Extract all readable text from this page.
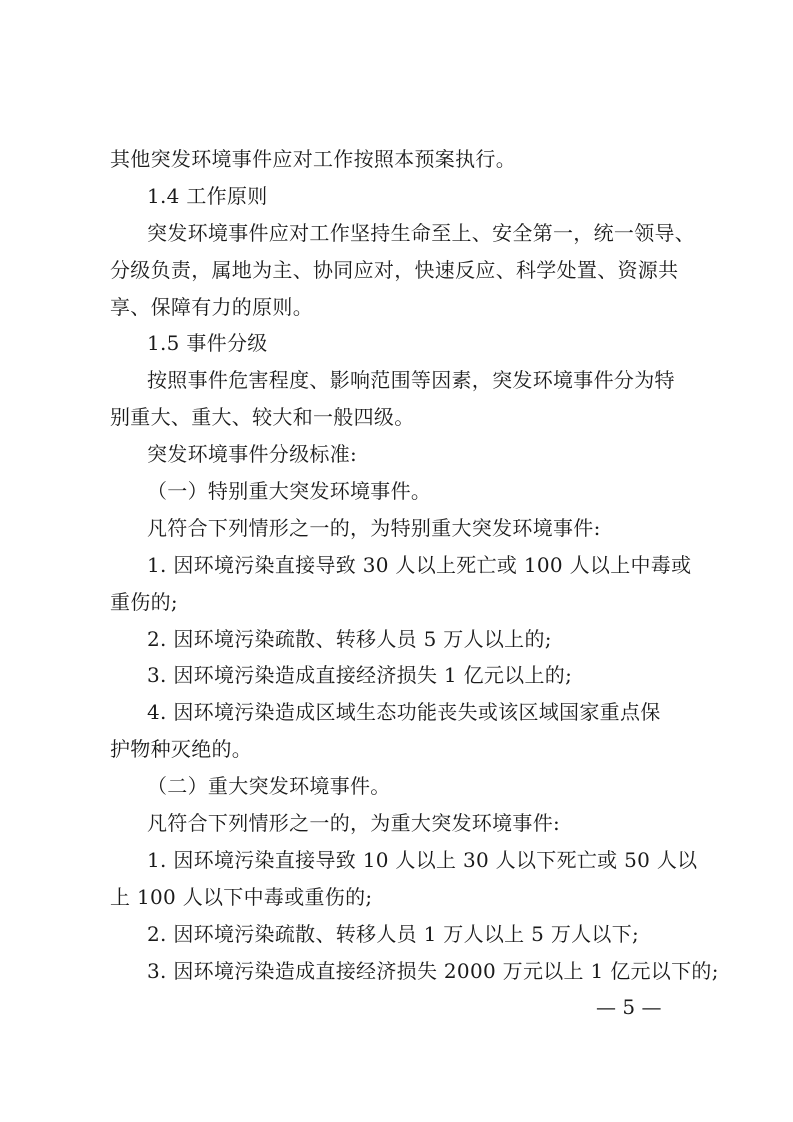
其他突发环境事件应对工作按照本预案执行。
1.4 工作原则
突发环境事件应对工作坚持生命至上、安全第一，统一领导、
分级负责，属地为主、协同应对，快速反应、科学处置、资源共
享、保障有力的原则。
1.5 事件分级
按照事件危害程度、影响范围等因素，突发环境事件分为特
别重大、重大、较大和一般四级。
突发环境事件分级标准:
（一）特别重大突发环境事件。
凡符合下列情形之一的，为特别重大突发环境事件:
1. 因环境污染直接导致 30 人以上死亡或 100 人以上中毒或
重伤的;
2. 因环境污染疏散、转移人员 5 万人以上的;
3. 因环境污染造成直接经济损失 1 亿元以上的;
4. 因环境污染造成区域生态功能丧失或该区域国家重点保
护物种灭绝的。
（二）重大突发环境事件。
凡符合下列情形之一的，为重大突发环境事件:
1. 因环境污染直接导致 10 人以上 30 人以下死亡或 50 人以
上 100 人以下中毒或重伤的;
2. 因环境污染疏散、转移人员 1 万人以上 5 万人以下;
3. 因环境污染造成直接经济损失 2000 万元以上 1 亿元以下的;
— 5 —
